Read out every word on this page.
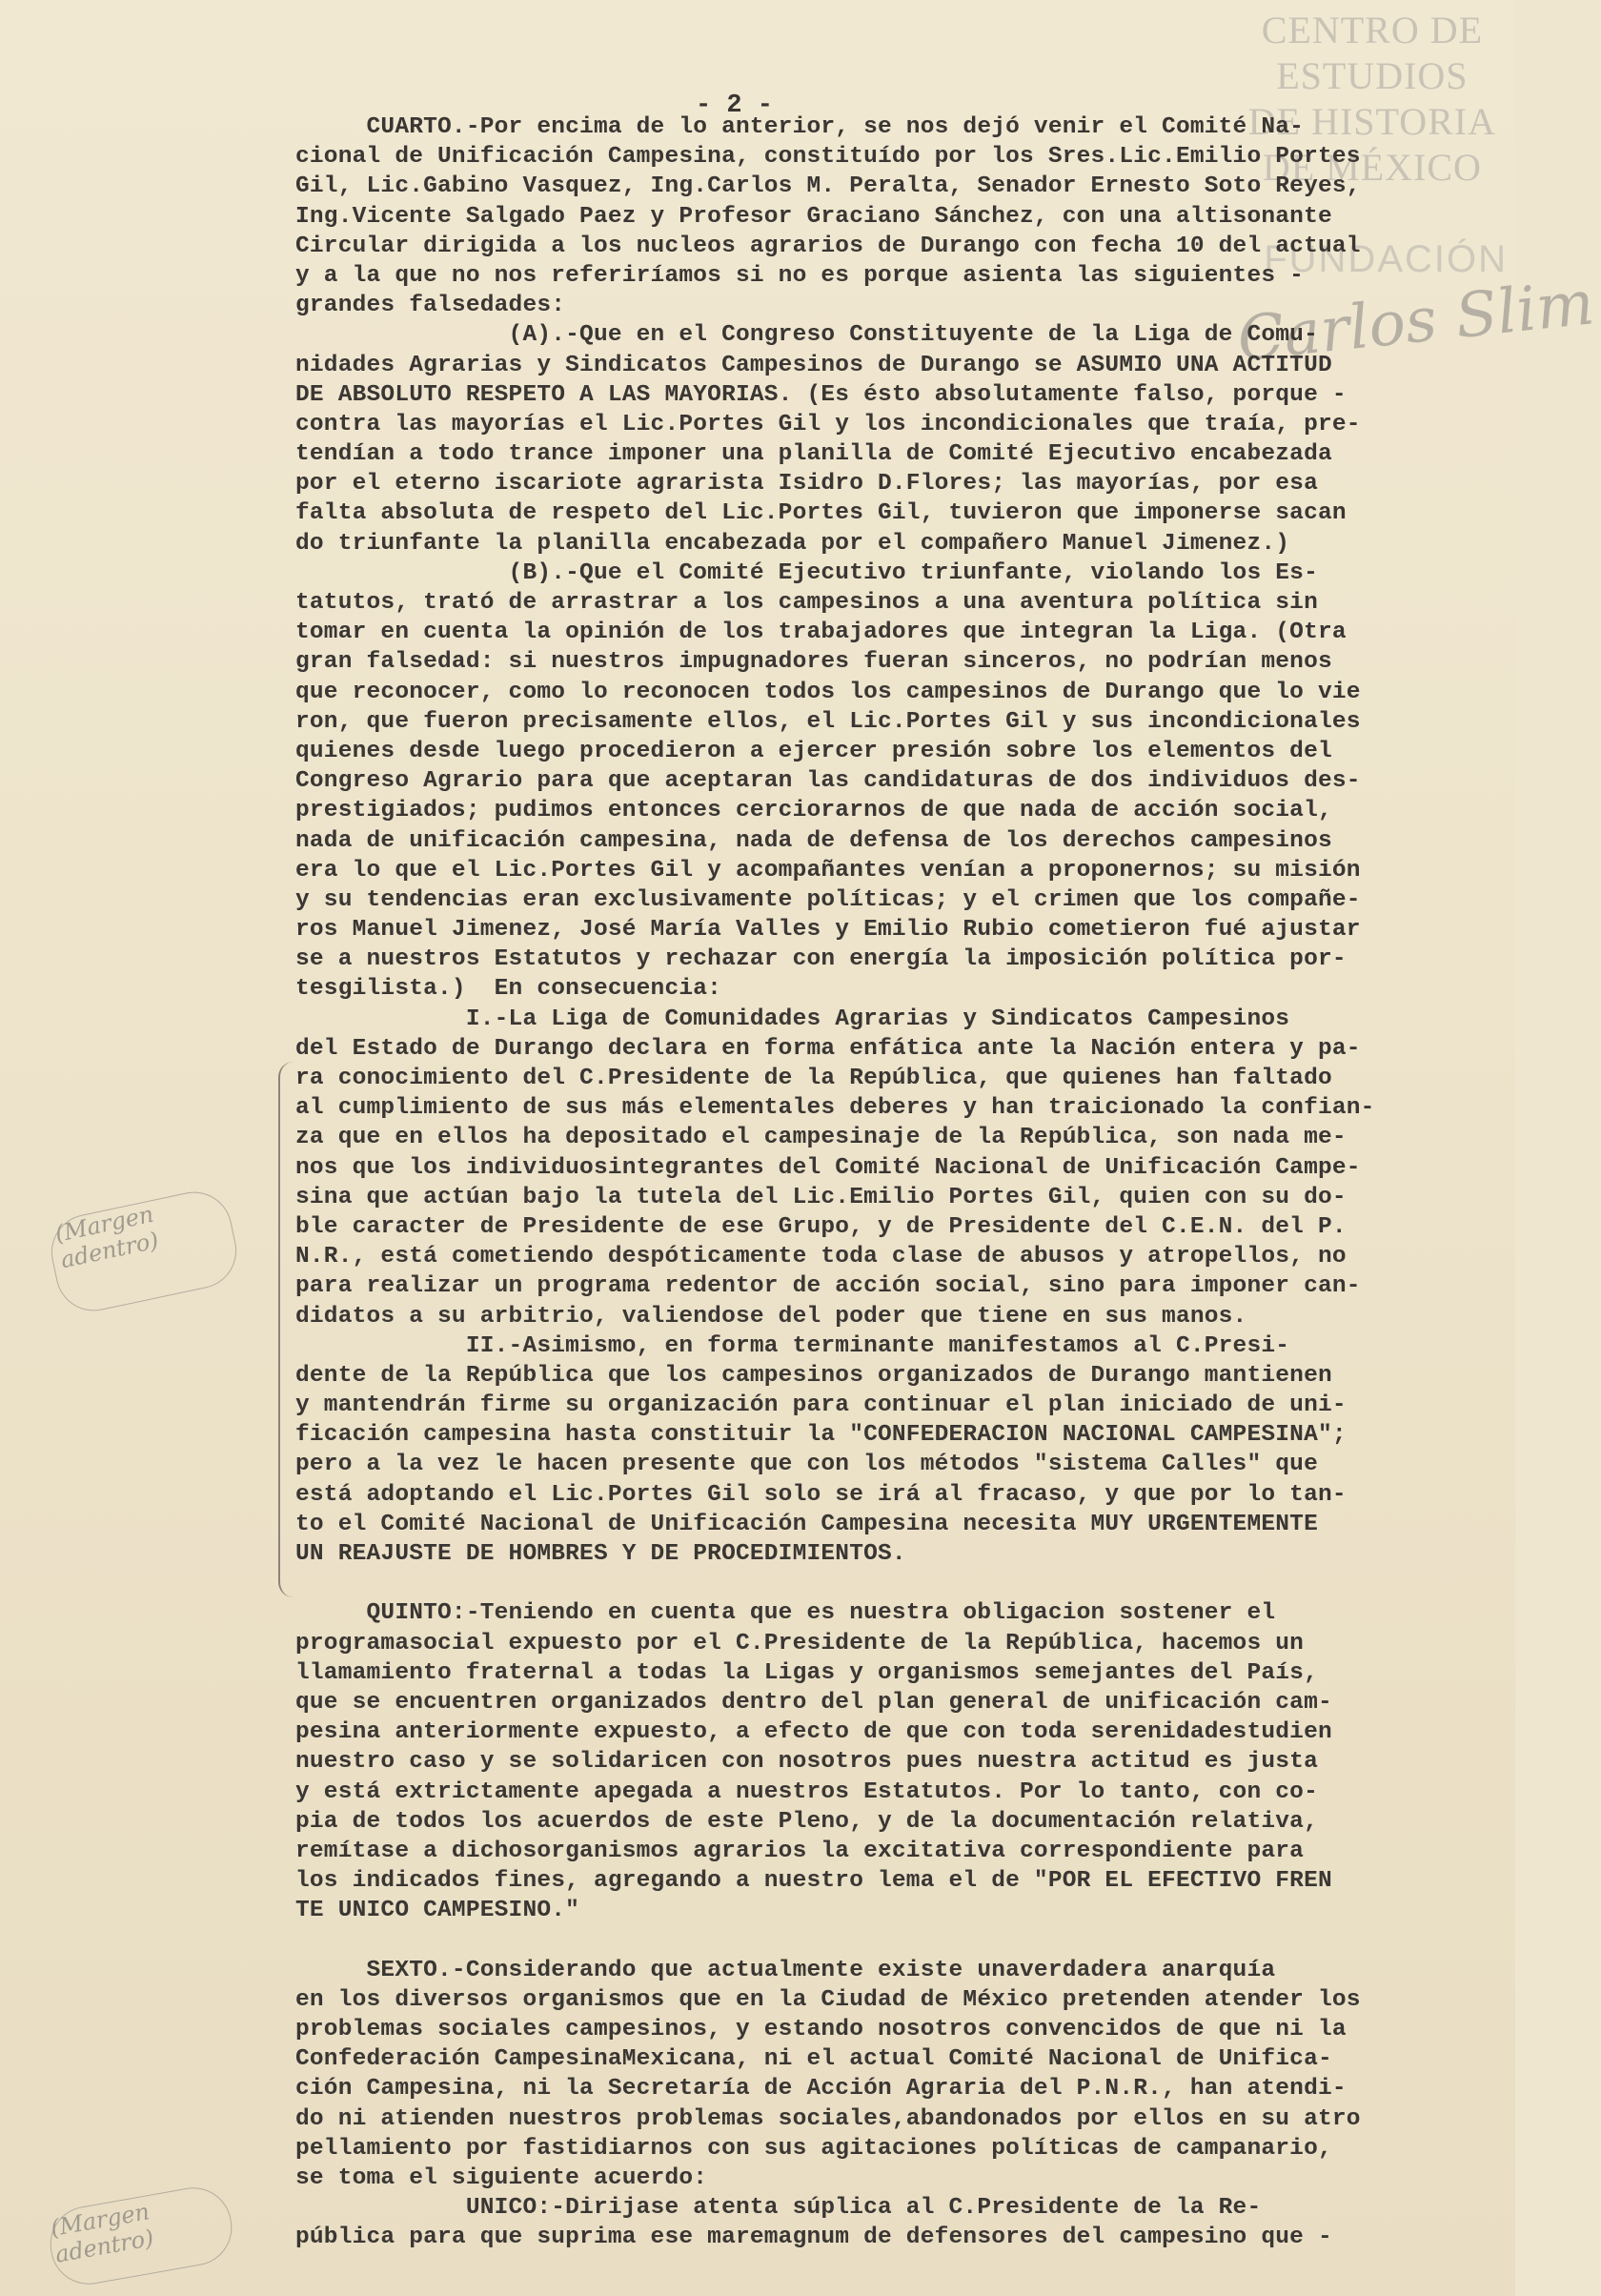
CENTRO DE
ESTUDIOS
DE HISTORIA
DE MÉXICO
FUNDACIÓN
Carlos Slim
- 2 -
(Margen
adentro)
(Margen
adentro)
CUARTO.-Por encima de lo anterior, se nos dejó venir el Comité Na-
cional de Unificación Campesina, constituído por los Sres.Lic.Emilio Portes
Gil, Lic.Gabino Vasquez, Ing.Carlos M. Peralta, Senador Ernesto Soto Reyes,
Ing.Vicente Salgado Paez y Profesor Graciano Sánchez, con una altisonante
Circular dirigida a los nucleos agrarios de Durango con fecha 10 del actual
y a la que no nos referiríamos si no es porque asienta las siguientes -
grandes falsedades:
(A).-Que en el Congreso Constituyente de la Liga de Comu-
nidades Agrarias y Sindicatos Campesinos de Durango se ASUMIO UNA ACTITUD
DE ABSOLUTO RESPETO A LAS MAYORIAS. (Es ésto absolutamente falso, porque -
contra las mayorías el Lic.Portes Gil y los incondicionales que traía, pre-
tendían a todo trance imponer una planilla de Comité Ejecutivo encabezada
por el eterno iscariote agrarista Isidro D.Flores; las mayorías, por esa
falta absoluta de respeto del Lic.Portes Gil, tuvieron que imponerse sacan
do triunfante la planilla encabezada por el compañero Manuel Jimenez.)
(B).-Que el Comité Ejecutivo triunfante, violando los Es-
tatutos, trató de arrastrar a los campesinos a una aventura política sin
tomar en cuenta la opinión de los trabajadores que integran la Liga. (Otra
gran falsedad: si nuestros impugnadores fueran sinceros, no podrían menos
que reconocer, como lo reconocen todos los campesinos de Durango que lo vie
ron, que fueron precisamente ellos, el Lic.Portes Gil y sus incondicionales
quienes desde luego procedieron a ejercer presión sobre los elementos del
Congreso Agrario para que aceptaran las candidaturas de dos individuos des-
prestigiados; pudimos entonces cerciorarnos de que nada de acción social,
nada de unificación campesina, nada de defensa de los derechos campesinos
era lo que el Lic.Portes Gil y acompañantes venían a proponernos; su misión
y su tendencias eran exclusivamente políticas; y el crimen que los compañe-
ros Manuel Jimenez, José María Valles y Emilio Rubio cometieron fué ajustar
se a nuestros Estatutos y rechazar con energía la imposición política por-
tesgilista.)  En consecuencia:
I.-La Liga de Comunidades Agrarias y Sindicatos Campesinos
del Estado de Durango declara en forma enfática ante la Nación entera y pa-
ra conocimiento del C.Presidente de la República, que quienes han faltado
al cumplimiento de sus más elementales deberes y han traicionado la confian-
za que en ellos ha depositado el campesinaje de la República, son nada me-
nos que los individuosintegrantes del Comité Nacional de Unificación Campe-
sina que actúan bajo la tutela del Lic.Emilio Portes Gil, quien con su do-
ble caracter de Presidente de ese Grupo, y de Presidente del C.E.N. del P.
N.R., está cometiendo despóticamente toda clase de abusos y atropellos, no
para realizar un programa redentor de acción social, sino para imponer can-
didatos a su arbitrio, valiendose del poder que tiene en sus manos.
II.-Asimismo, en forma terminante manifestamos al C.Presi-
dente de la República que los campesinos organizados de Durango mantienen
y mantendrán firme su organización para continuar el plan iniciado de uni-
ficación campesina hasta constituir la "CONFEDERACION NACIONAL CAMPESINA";
pero a la vez le hacen presente que con los métodos "sistema Calles" que
está adoptando el Lic.Portes Gil solo se irá al fracaso, y que por lo tan-
to el Comité Nacional de Unificación Campesina necesita MUY URGENTEMENTE
UN REAJUSTE DE HOMBRES Y DE PROCEDIMIENTOS.
QUINTO:-Teniendo en cuenta que es nuestra obligacion sostener el
programasocial expuesto por el C.Presidente de la República, hacemos un
llamamiento fraternal a todas la Ligas y organismos semejantes del País,
que se encuentren organizados dentro del plan general de unificación cam-
pesina anteriormente expuesto, a efecto de que con toda serenidadestudien
nuestro caso y se solidaricen con nosotros pues nuestra actitud es justa
y está extrictamente apegada a nuestros Estatutos. Por lo tanto, con co-
pia de todos los acuerdos de este Pleno, y de la documentación relativa,
remítase a dichosorganismos agrarios la excitativa correspondiente para
los indicados fines, agregando a nuestro lema el de "POR EL EFECTIVO FREN
TE UNICO CAMPESINO."
SEXTO.-Considerando que actualmente existe unaverdadera anarquía
en los diversos organismos que en la Ciudad de México pretenden atender los
problemas sociales campesinos, y estando nosotros convencidos de que ni la
Confederación CampesinaMexicana, ni el actual Comité Nacional de Unifica-
ción Campesina, ni la Secretaría de Acción Agraria del P.N.R., han atendi-
do ni atienden nuestros problemas sociales,abandonados por ellos en su atro
pellamiento por fastidiarnos con sus agitaciones políticas de campanario,
se toma el siguiente acuerdo:
UNICO:-Dirijase atenta súplica al C.Presidente de la Re-
pública para que suprima ese maremagnum de defensores del campesino que -
